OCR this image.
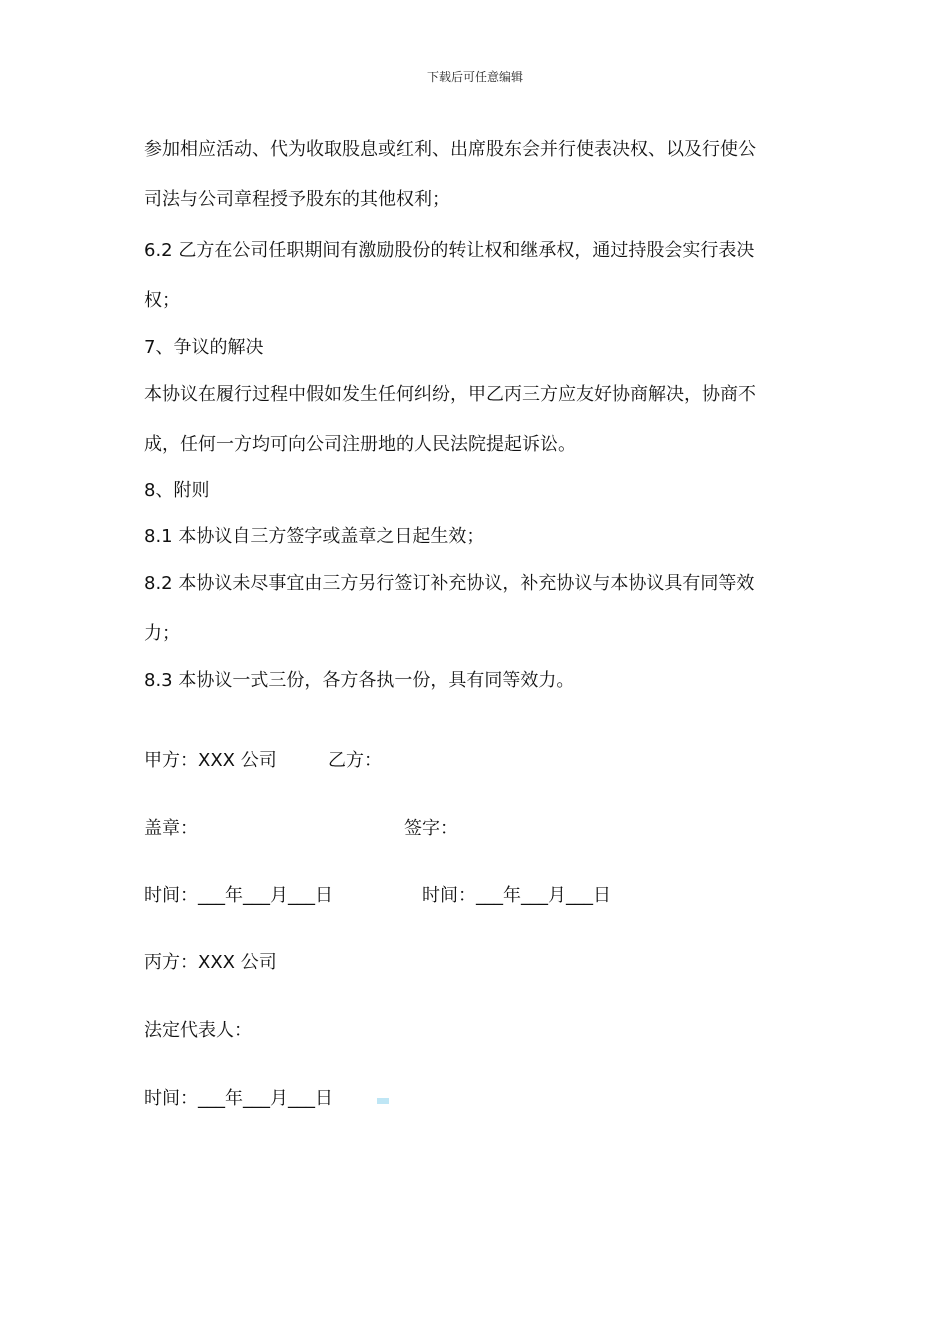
下载后可任意编辑
参加相应活动、代为收取股息或红利、出席股东会并行使表决权、以及行使公
司法与公司章程授予股东的其他权利；
6.2 乙方在公司任职期间有激励股份的转让权和继承权，通过持股会实行表决
权；
7、争议的解决
本协议在履行过程中假如发生任何纠纷，甲乙丙三方应友好协商解决，协商不
成，任何一方均可向公司注册地的人民法院提起诉讼。
8、附则
8.1 本协议自三方签字或盖章之日起生效；
8.2 本协议未尽事宜由三方另行签订补充协议，补充协议与本协议具有同等效
力；
8.3 本协议一式三份，各方各执一份，具有同等效力。
甲方：XXX 公司	乙方：
盖章：	签字：
时间：___年___月___日	时间：___年___月___日
丙方：XXX 公司
法定代表人：
时间：___年___月___日
